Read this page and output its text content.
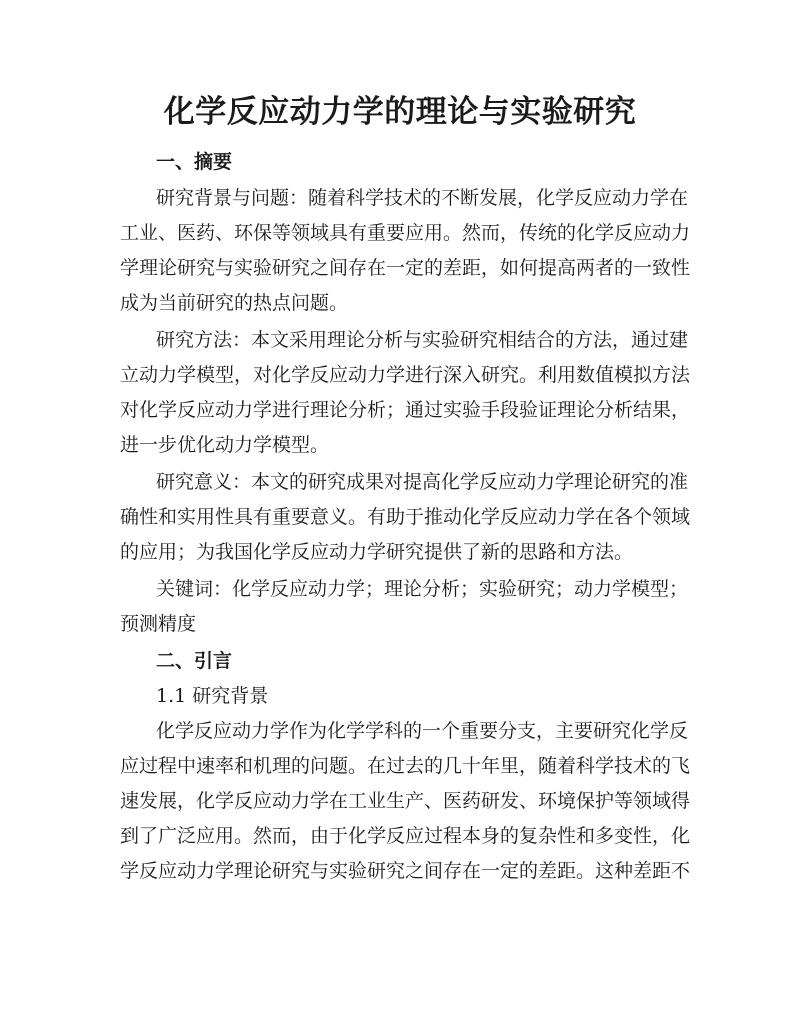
化学反应动力学的理论与实验研究
一、摘要
研究背景与问题：随着科学技术的不断发展，化学反应动力学在
工业、医药、环保等领域具有重要应用。然而，传统的化学反应动力
学理论研究与实验研究之间存在一定的差距，如何提高两者的一致性
成为当前研究的热点问题。
研究方法：本文采用理论分析与实验研究相结合的方法，通过建
立动力学模型，对化学反应动力学进行深入研究。利用数值模拟方法
对化学反应动力学进行理论分析；通过实验手段验证理论分析结果，
进一步优化动力学模型。
研究意义：本文的研究成果对提高化学反应动力学理论研究的准
确性和实用性具有重要意义。有助于推动化学反应动力学在各个领域
的应用；为我国化学反应动力学研究提供了新的思路和方法。
关键词：化学反应动力学；理论分析；实验研究；动力学模型；
预测精度
二、引言
1.1 研究背景
化学反应动力学作为化学学科的一个重要分支，主要研究化学反
应过程中速率和机理的问题。在过去的几十年里，随着科学技术的飞
速发展，化学反应动力学在工业生产、医药研发、环境保护等领域得
到了广泛应用。然而，由于化学反应过程本身的复杂性和多变性，化
学反应动力学理论研究与实验研究之间存在一定的差距。这种差距不
